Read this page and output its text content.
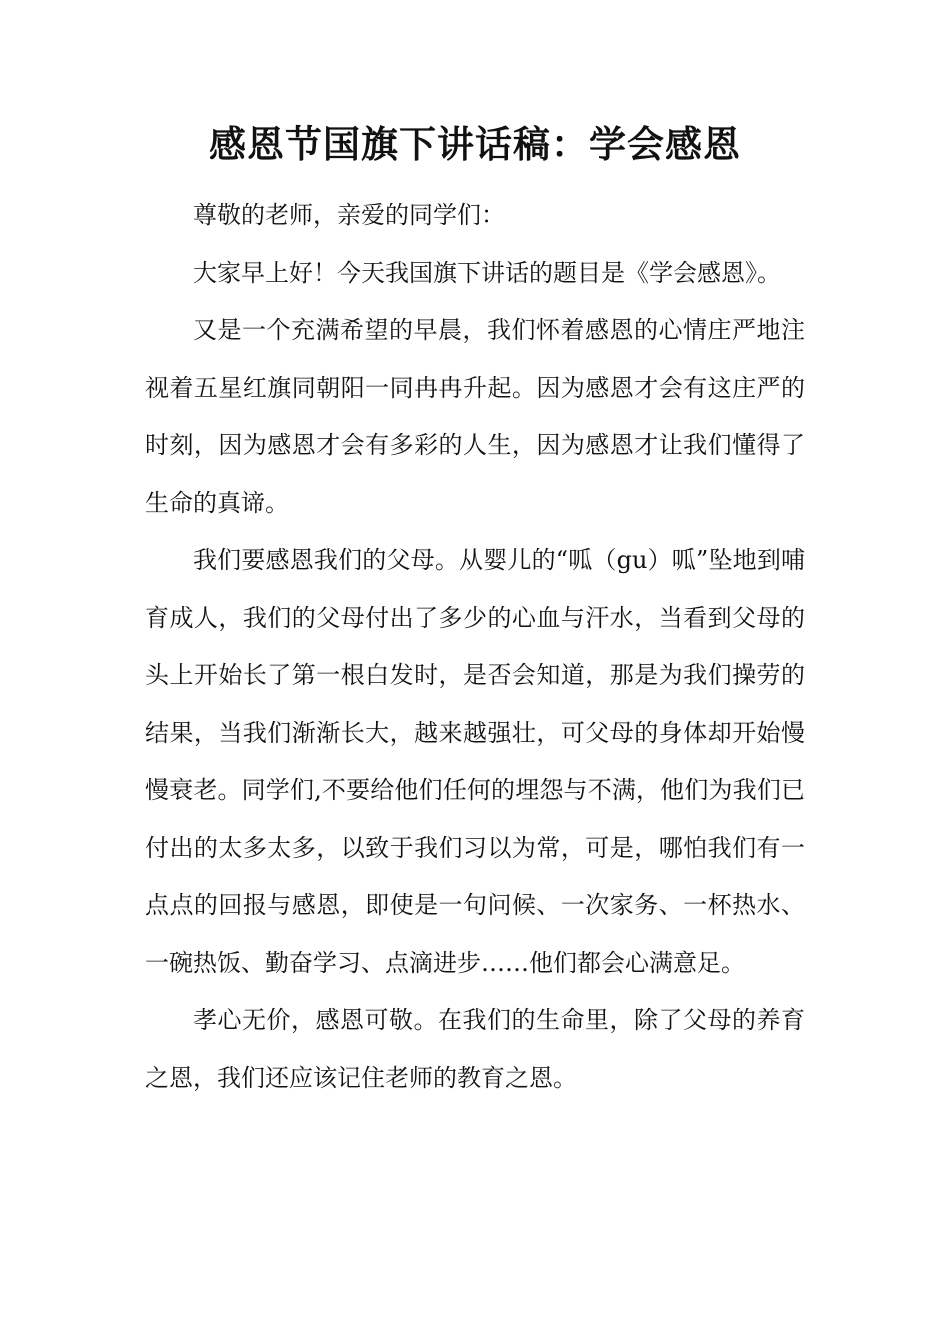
感恩节国旗下讲话稿：学会感恩

尊敬的老师，亲爱的同学们：

大家早上好！今天我国旗下讲话的题目是《学会感恩》。

又是一个充满希望的早晨，我们怀着感恩的心情庄严地注视着五星红旗同朝阳一同冉冉升起。因为感恩才会有这庄严的时刻，因为感恩才会有多彩的人生，因为感恩才让我们懂得了生命的真谛。

我们要感恩我们的父母。从婴儿的“呱（gu）呱”坠地到哺育成人，我们的父母付出了多少的心血与汗水，当看到父母的头上开始长了第一根白发时，是否会知道，那是为我们操劳的结果，当我们渐渐长大，越来越强壮，可父母的身体却开始慢慢衰老。同学们,不要给他们任何的埋怨与不满，他们为我们已付出的太多太多，以致于我们习以为常，可是，哪怕我们有一点点的回报与感恩，即使是一句问候、一次家务、一杯热水、一碗热饭、勤奋学习、点滴进步……他们都会心满意足。

孝心无价，感恩可敬。在我们的生命里，除了父母的养育之恩，我们还应该记住老师的教育之恩。
